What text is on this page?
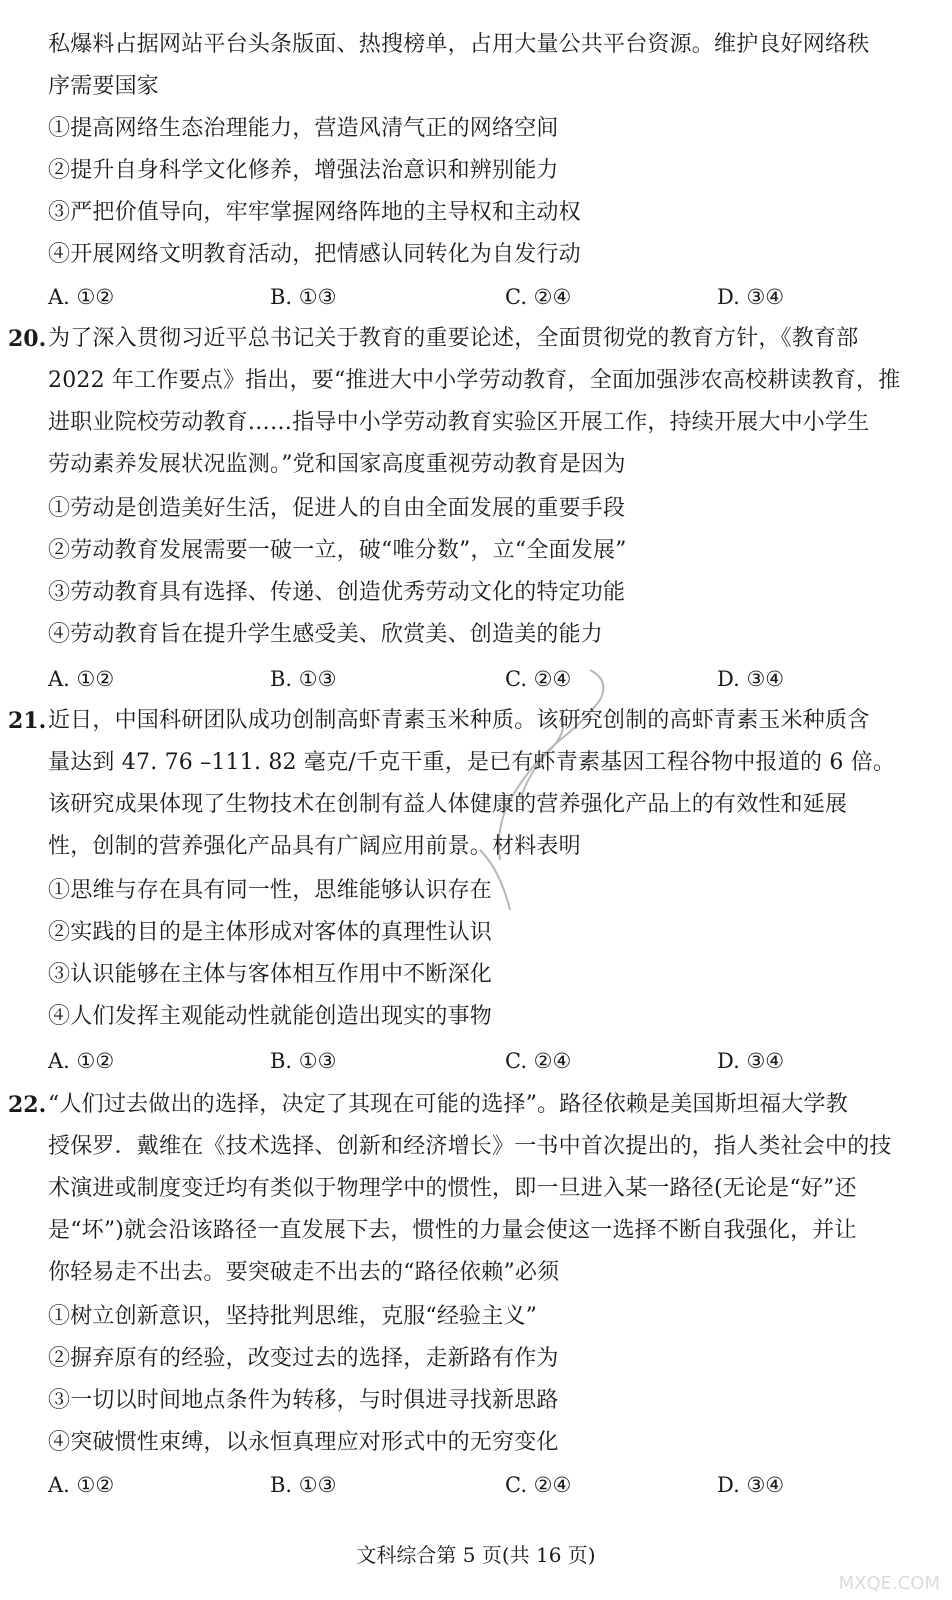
私爆料占据网站平台头条版面、热搜榜单，占用大量公共平台资源。维护良好网络秩
序需要国家
①提高网络生态治理能力，营造风清气正的网络空间
②提升自身科学文化修养，增强法治意识和辨别能力
③严把价值导向，牢牢掌握网络阵地的主导权和主动权
④开展网络文明教育活动，把情感认同转化为自发行动
A. ①②	B. ①③	C. ②④	D. ③④
20. 为了深入贯彻习近平总书记关于教育的重要论述，全面贯彻党的教育方针，《教育部
2022 年工作要点》指出，要“推进大中小学劳动教育，全面加强涉农高校耕读教育，推
进职业院校劳动教育……指导中小学劳动教育实验区开展工作，持续开展大中小学生
劳动素养发展状况监测。”党和国家高度重视劳动教育是因为
①劳动是创造美好生活，促进人的自由全面发展的重要手段
②劳动教育发展需要一破一立，破“唯分数”，立“全面发展”
③劳动教育具有选择、传递、创造优秀劳动文化的特定功能
④劳动教育旨在提升学生感受美、欣赏美、创造美的能力
A. ①②	B. ①③	C. ②④	D. ③④
21. 近日，中国科研团队成功创制高虾青素玉米种质。该研究创制的高虾青素玉米种质含
量达到 47. 76 –111. 82 毫克/千克干重，是已有虾青素基因工程谷物中报道的 6 倍。
该研究成果体现了生物技术在创制有益人体健康的营养强化产品上的有效性和延展
性，创制的营养强化产品具有广阔应用前景。材料表明
①思维与存在具有同一性，思维能够认识存在
②实践的目的是主体形成对客体的真理性认识
③认识能够在主体与客体相互作用中不断深化
④人们发挥主观能动性就能创造出现实的事物
A. ①②	B. ①③	C. ②④	D. ③④
22. “人们过去做出的选择，决定了其现在可能的选择”。路径依赖是美国斯坦福大学教
授保罗．戴维在《技术选择、创新和经济增长》一书中首次提出的，指人类社会中的技
术演进或制度变迁均有类似于物理学中的惯性，即一旦进入某一路径(无论是“好”还
是“坏”)就会沿该路径一直发展下去，惯性的力量会使这一选择不断自我强化，并让
你轻易走不出去。要突破走不出去的“路径依赖”必须
①树立创新意识，坚持批判思维，克服“经验主义”
②摒弃原有的经验，改变过去的选择，走新路有作为
③一切以时间地点条件为转移，与时俱进寻找新思路
④突破惯性束缚，以永恒真理应对形式中的无穷变化
A. ①②	B. ①③	C. ②④	D. ③④
文科综合第 5 页(共 16 页)
MXQE.COM
